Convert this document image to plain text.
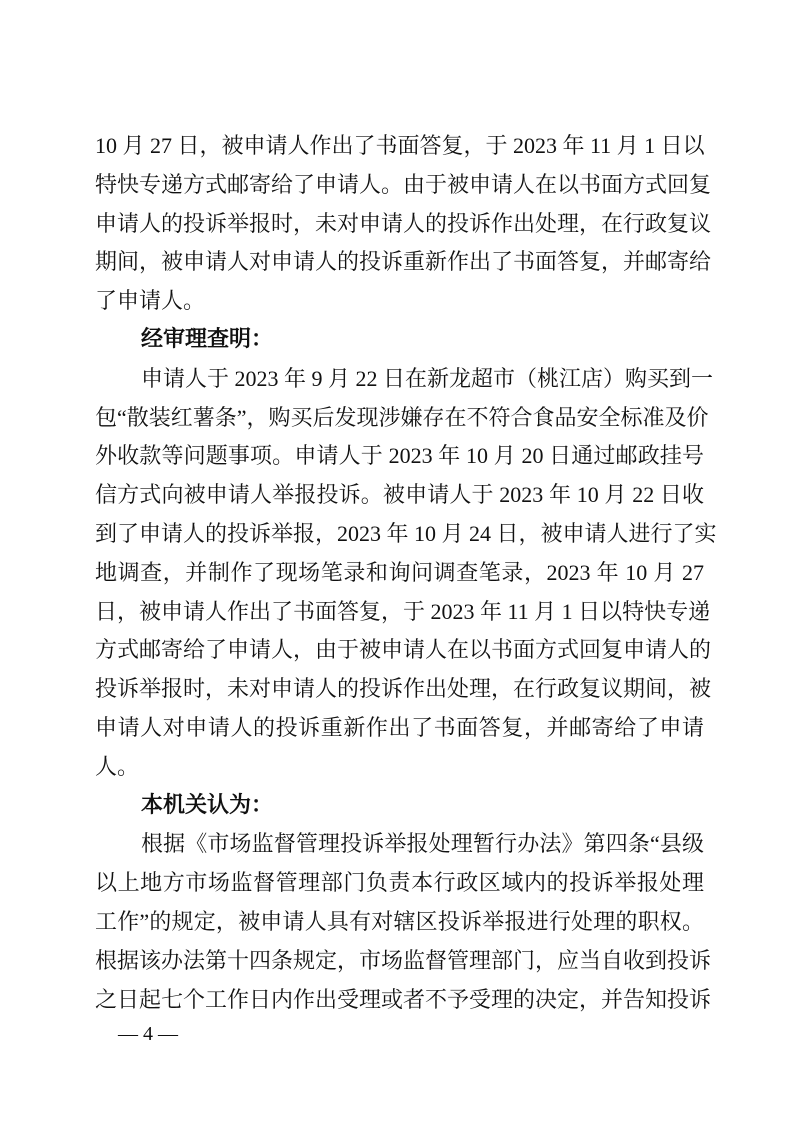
10 月 27 日，被申请人作出了书面答复，于 2023 年 11 月 1 日以
特快专递方式邮寄给了申请人。由于被申请人在以书面方式回复
申请人的投诉举报时，未对申请人的投诉作出处理，在行政复议
期间，被申请人对申请人的投诉重新作出了书面答复，并邮寄给
了申请人。
经审理查明：
申请人于 2023 年 9 月 22 日在新龙超市（桃江店）购买到一
包“散装红薯条”，购买后发现涉嫌存在不符合食品安全标准及价
外收款等问题事项。申请人于 2023 年 10 月 20 日通过邮政挂号
信方式向被申请人举报投诉。被申请人于 2023 年 10 月 22 日收
到了申请人的投诉举报，2023 年 10 月 24 日，被申请人进行了实
地调查，并制作了现场笔录和询问调查笔录，2023 年 10 月 27
日，被申请人作出了书面答复，于 2023 年 11 月 1 日以特快专递
方式邮寄给了申请人，由于被申请人在以书面方式回复申请人的
投诉举报时，未对申请人的投诉作出处理，在行政复议期间，被
申请人对申请人的投诉重新作出了书面答复，并邮寄给了申请
人。
本机关认为：
根据《市场监督管理投诉举报处理暂行办法》第四条“县级
以上地方市场监督管理部门负责本行政区域内的投诉举报处理
工作”的规定，被申请人具有对辖区投诉举报进行处理的职权。
根据该办法第十四条规定，市场监督管理部门，应当自收到投诉
之日起七个工作日内作出受理或者不予受理的决定，并告知投诉
— 4 —
